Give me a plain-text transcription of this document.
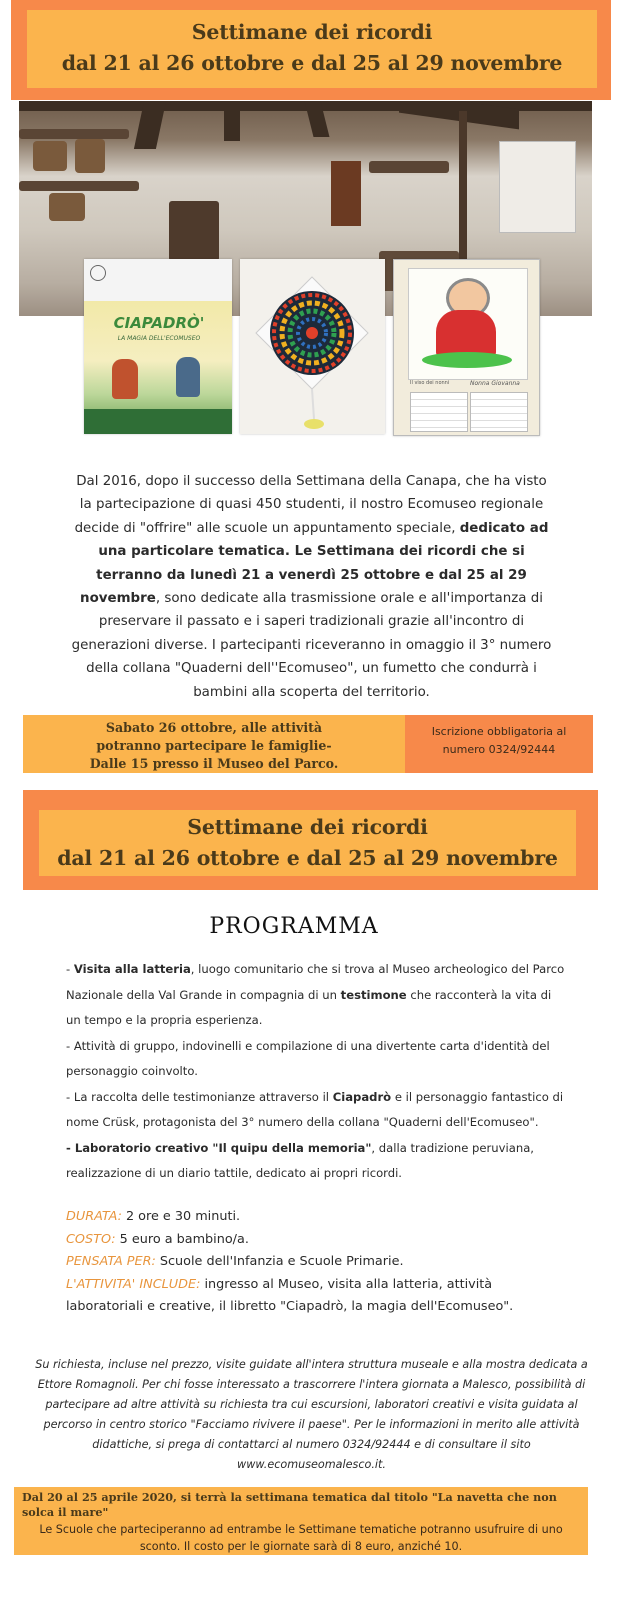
Settimane dei ricordi
dal 21 al 26 ottobre e dal 25 al 29 novembre
CIAPADRÒ'
LA MAGIA DELL'ECOMUSEO
Il viso dei nonni	Nonna Giovanna
Dal 2016, dopo il successo della Settimana della Canapa, che ha visto la partecipazione di quasi 450 studenti, il nostro Ecomuseo regionale decide di "offrire" alle scuole un appuntamento speciale, dedicato ad una particolare tematica. Le Settimana dei ricordi che si terranno da lunedì 21 a venerdì 25 ottobre e dal 25 al 29 novembre, sono dedicate alla trasmissione orale e all'importanza di preservare il passato e i saperi tradizionali grazie all'incontro di generazioni diverse. I partecipanti riceveranno in omaggio il 3° numero della collana "Quaderni dell''Ecomuseo", un fumetto che condurrà i bambini alla scoperta del territorio.
Sabato 26 ottobre, alle attività potranno partecipare le famiglie- Dalle 15 presso il Museo del Parco.
Iscrizione obbligatoria al numero 0324/92444
Settimane dei ricordi
dal 21 al 26 ottobre e dal 25 al 29 novembre
PROGRAMMA
- Visita alla latteria, luogo comunitario che si trova al Museo archeologico del Parco Nazionale della Val Grande in compagnia di un testimone che racconterà la vita di un tempo e la propria esperienza.
- Attività di gruppo, indovinelli e compilazione di una divertente carta d'identità del personaggio coinvolto.
- La raccolta delle testimonianze attraverso il Ciapadrò e il personaggio fantastico di nome Crüsk, protagonista del 3° numero della collana "Quaderni dell'Ecomuseo".
- Laboratorio creativo "Il quipu della memoria", dalla tradizione peruviana, realizzazione di un diario tattile, dedicato ai propri ricordi.
DURATA: 2 ore e 30 minuti.
COSTO: 5 euro a bambino/a.
PENSATA PER: Scuole dell'Infanzia e Scuole Primarie.
L'ATTIVITA' INCLUDE: ingresso al Museo, visita alla latteria, attività laboratoriali e creative, il libretto "Ciapadrò, la magia dell'Ecomuseo".
Su richiesta, incluse nel prezzo, visite guidate all'intera struttura museale e alla mostra dedicata a Ettore Romagnoli. Per chi fosse interessato a trascorrere l'intera giornata a Malesco, possibilità di partecipare ad altre attività su richiesta tra cui escursioni, laboratori creativi e visita guidata al percorso in centro storico "Facciamo rivivere il paese". Per le informazioni in merito alle attività didattiche, si prega di contattarci al numero 0324/92444 e di consultare il sito www.ecomuseomalesco.it.
Dal 20 al 25 aprile 2020, si terrà la settimana tematica dal titolo "La navetta che non solca il mare"
Le Scuole che parteciperanno ad entrambe le Settimane tematiche potranno usufruire di uno sconto. Il costo per le giornate sarà di 8 euro, anziché 10.
